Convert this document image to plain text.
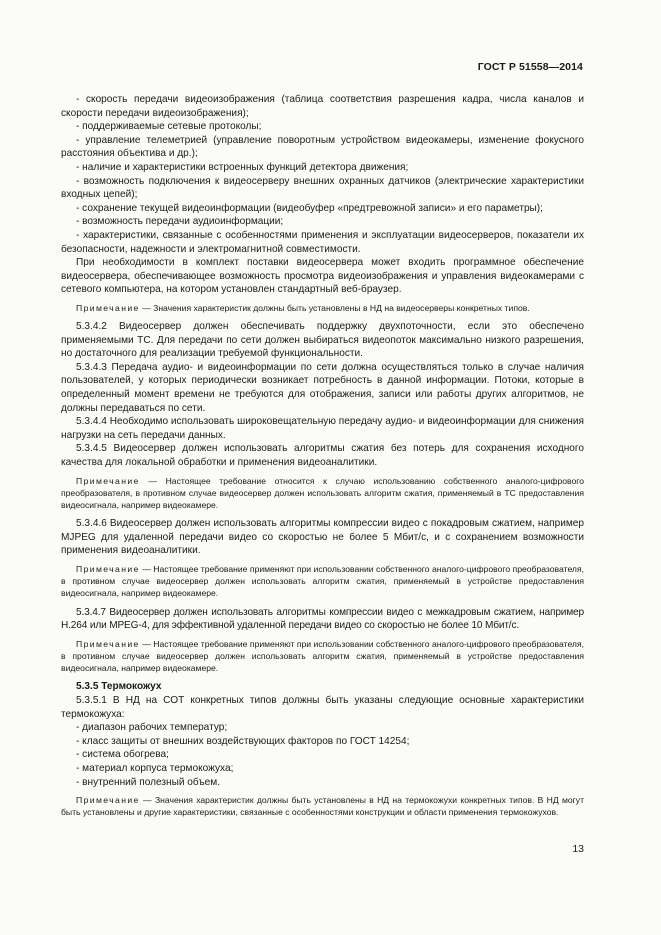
ГОСТ Р 51558—2014

- скорость передачи видеоизображения (таблица соответствия разрешения кадра, числа каналов и скорости передачи видеоизображения);

- поддерживаемые сетевые протоколы;

- управление телеметрией (управление поворотным устройством видеокамеры, изменение фокусного расстояния объектива и др.);

- наличие и характеристики встроенных функций детектора движения;

- возможность подключения к видеосерверу внешних охранных датчиков (электрические характеристики входных цепей);

- сохранение текущей видеоинформации (видеобуфер «предтревожной записи» и его параметры);

- возможность передачи аудиоинформации;

- характеристики, связанные с особенностями применения и эксплуатации видеосерверов, показатели их безопасности, надежности и электромагнитной совместимости.

При необходимости в комплект поставки видеосервера может входить программное обеспечение видеосервера, обеспечивающее возможность просмотра видеоизображения и управления видеокамерами с сетевого компьютера, на котором установлен стандартный веб-браузер.

Примечание — Значения характеристик должны быть установлены в НД на видеосерверы конкретных типов.

5.3.4.2 Видеосервер должен обеспечивать поддержку двухпоточности, если это обеспечено применяемыми ТС. Для передачи по сети должен выбираться видеопоток максимально низкого разрешения, но достаточного для реализации требуемой функциональности.

5.3.4.3 Передача аудио- и видеоинформации по сети должна осуществляться только в случае наличия пользователей, у которых периодически возникает потребность в данной информации. Потоки, которые в определенный момент времени не требуются для отображения, записи или работы других алгоритмов, не должны передаваться по сети.

5.3.4.4 Необходимо использовать широковещательную передачу аудио- и видеоинформации для снижения нагрузки на сеть передачи данных.

5.3.4.5 Видеосервер должен использовать алгоритмы сжатия без потерь для сохранения исходного качества для локальной обработки и применения видеоаналитики.

Примечание — Настоящее требование относится к случаю использованию собственного аналого-цифрового преобразователя, в противном случае видеосервер должен использовать алгоритм сжатия, применяемый в ТС предоставления видеосигнала, например видеокамере.

5.3.4.6 Видеосервер должен использовать алгоритмы компрессии видео с покадровым сжатием, например MJPEG для удаленной передачи видео со скоростью не более 5 Мбит/с, и с сохранением возможности применения видеоаналитики.

Примечание — Настоящее требование применяют при использовании собственного аналого-цифрового преобразователя, в противном случае видеосервер должен использовать алгоритм сжатия, применяемый в устройстве предоставления видеосигнала, например видеокамере.

5.3.4.7 Видеосервер должен использовать алгоритмы компрессии видео с межкадровым сжатием, например H.264 или MPEG-4, для эффективной удаленной передачи видео со скоростью не более 10 Мбит/с.

Примечание — Настоящее требование применяют при использовании собственного аналого-цифрового преобразователя, в противном случае видеосервер должен использовать алгоритм сжатия, применяемый в устройстве предоставления видеосигнала, например видеокамере.

5.3.5 Термокожух

5.3.5.1 В НД на СОТ конкретных типов должны быть указаны следующие основные характеристики термокожуха:

- диапазон рабочих температур;

- класс защиты от внешних воздействующих факторов по ГОСТ 14254;

- система обогрева;

- материал корпуса термокожуха;

- внутренний полезный объем.

Примечание — Значения характеристик должны быть установлены в НД на термокожухи конкретных типов. В НД могут быть установлены и другие характеристики, связанные с особенностями конструкции и области применения термокожухов.

13
